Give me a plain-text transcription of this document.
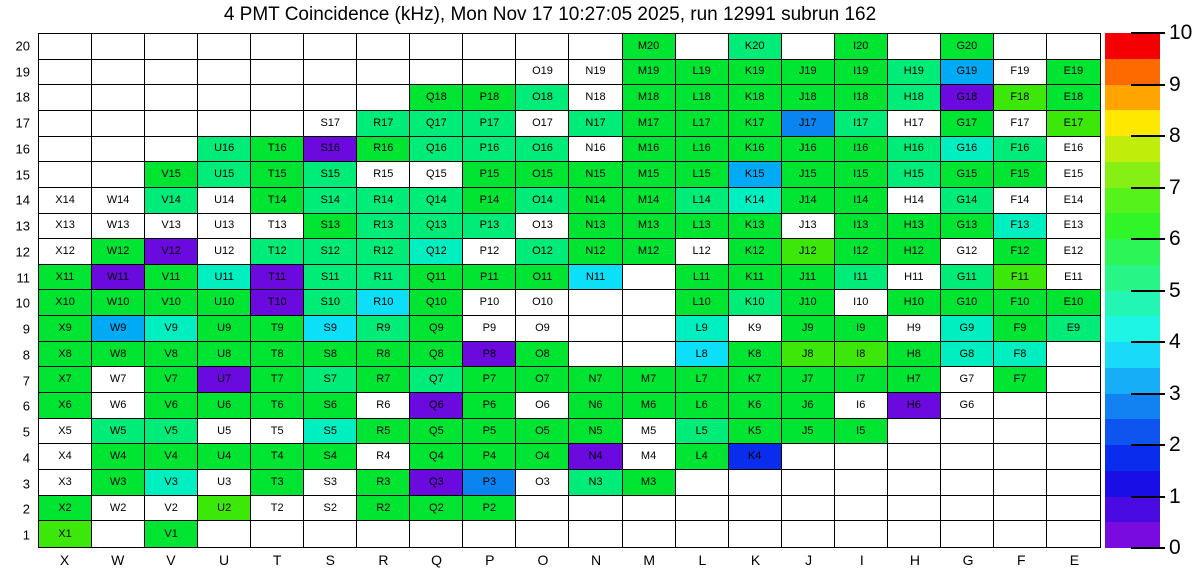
4 PMT Coincidence (kHz), Mon Nov 17 10:27:05 2025, run 12991 subrun 162
20
19
18
17
16
15
14
13
12
11
10
9
8
7
6
5
4
3
2
1
M20	K20	I20	G20
O19	N19	M19	L19	K19	J19	I19	H19	G19	F19	E19
Q18	P18	O18	N18	M18	L18	K18	J18	I18	H18	G18	F18	E18
S17	R17	Q17	P17	O17	N17	M17	L17	K17	J17	I17	H17	G17	F17	E17
U16	T16	S16	R16	Q16	P16	O16	N16	M16	L16	K16	J16	I16	H16	G16	F16	E16
V15	U15	T15	S15	R15	Q15	P15	O15	N15	M15	L15	K15	J15	I15	H15	G15	F15	E15
X14	W14	V14	U14	T14	S14	R14	Q14	P14	O14	N14	M14	L14	K14	J14	I14	H14	G14	F14	E14
X13	W13	V13	U13	T13	S13	R13	Q13	P13	O13	N13	M13	L13	K13	J13	I13	H13	G13	F13	E13
X12	W12	V12	U12	T12	S12	R12	Q12	P12	O12	N12	M12	L12	K12	J12	I12	H12	G12	F12	E12
X11	W11	V11	U11	T11	S11	R11	Q11	P11	O11	N11	L11	K11	J11	I11	H11	G11	F11	E11
X10	W10	V10	U10	T10	S10	R10	Q10	P10	O10	L10	K10	J10	I10	H10	G10	F10	E10
X9	W9	V9	U9	T9	S9	R9	Q9	P9	O9	L9	K9	J9	I9	H9	G9	F9	E9
X8	W8	V8	U8	T8	S8	R8	Q8	P8	O8	L8	K8	J8	I8	H8	G8	F8
X7	W7	V7	U7	T7	S7	R7	Q7	P7	O7	N7	M7	L7	K7	J7	I7	H7	G7	F7
X6	W6	V6	U6	T6	S6	R6	Q6	P6	O6	N6	M6	L6	K6	J6	I6	H6	G6
X5	W5	V5	U5	T5	S5	R5	Q5	P5	O5	N5	M5	L5	K5	J5	I5
X4	W4	V4	U4	T4	S4	R4	Q4	P4	O4	N4	M4	L4	K4
X3	W3	V3	U3	T3	S3	R3	Q3	P3	O3	N3	M3
X2	W2	V2	U2	T2	S2	R2	Q2	P2
X1	V1
X	W	V	U	T	S	R	Q	P	O	N	M	L	K	J	I	H	G	F	E
0
1
2
3
4
5
6
7
8
9
10
